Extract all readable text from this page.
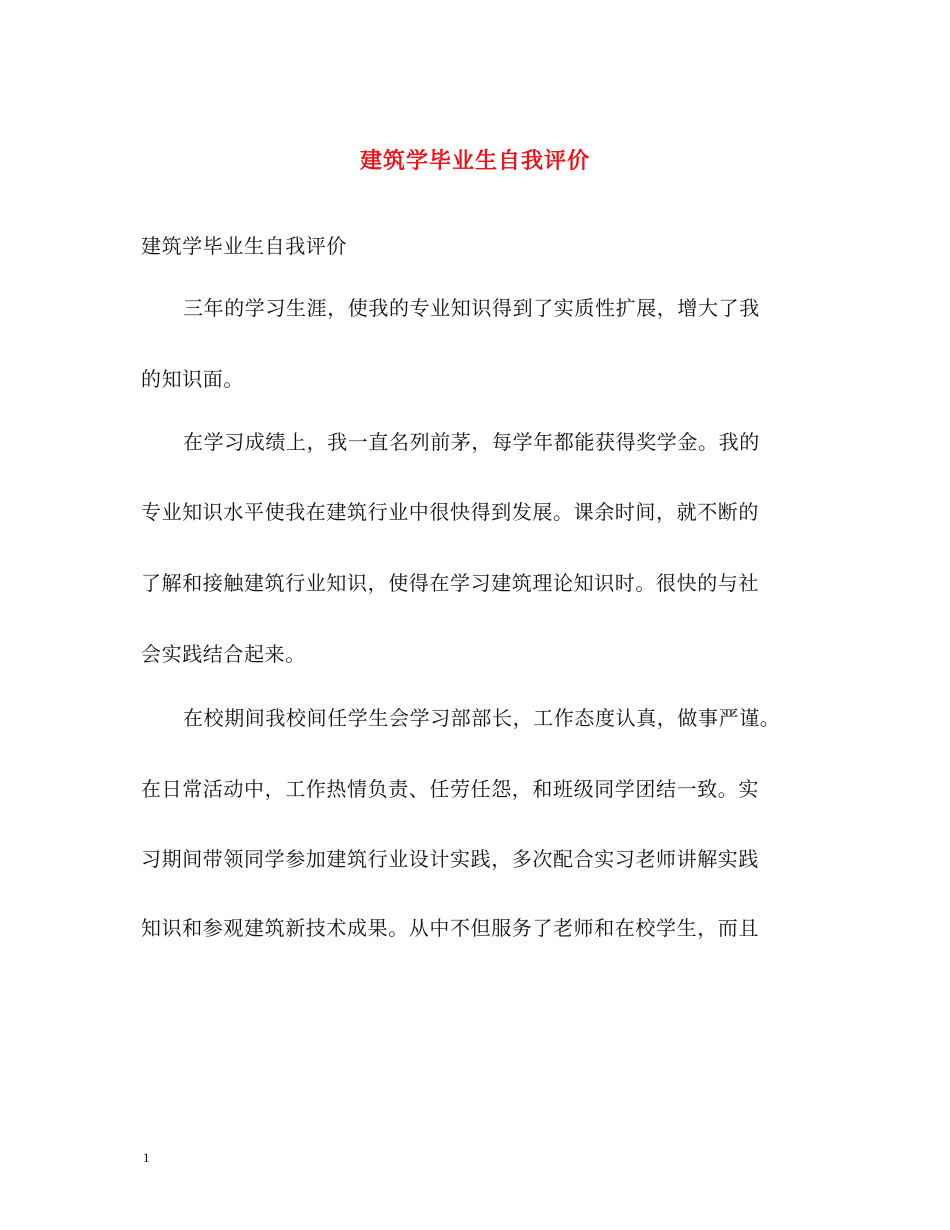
建筑学毕业生自我评价
建筑学毕业生自我评价
三年的学习生涯，使我的专业知识得到了实质性扩展，增大了我
的知识面。
在学习成绩上，我一直名列前茅，每学年都能获得奖学金。我的
专业知识水平使我在建筑行业中很快得到发展。课余时间，就不断的
了解和接触建筑行业知识，使得在学习建筑理论知识时。很快的与社
会实践结合起来。
在校期间我校间任学生会学习部部长，工作态度认真，做事严谨。
在日常活动中，工作热情负责、任劳任怨，和班级同学团结一致。实
习期间带领同学参加建筑行业设计实践，多次配合实习老师讲解实践
知识和参观建筑新技术成果。从中不但服务了老师和在校学生，而且
1
